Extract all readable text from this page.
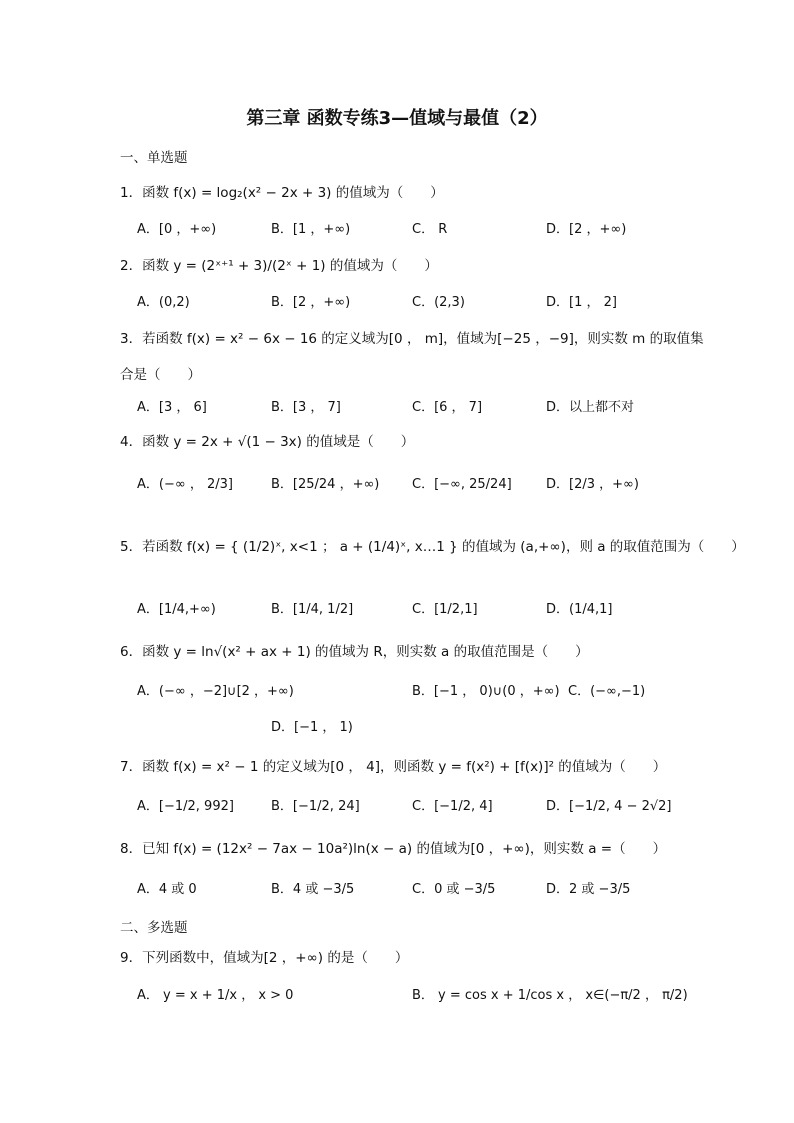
第三章 函数专练3—值域与最值（2）
一、单选题
1．函数 f(x) = log₂(x² − 2x + 3) 的值域为（　　）
A．[0 ，+∞)	B．[1 ，+∞)	C． R	D．[2 ，+∞)
2．函数 y = (2ˣ⁺¹ + 3)/(2ˣ + 1) 的值域为（　　）
A．(0,2)	B．[2 ，+∞)	C．(2,3)	D．[1 ， 2]
3．若函数 f(x) = x² − 6x − 16 的定义域为[0 ， m]，值域为[−25 ，−9]，则实数 m 的取值集
合是（　　）
A．[3 ， 6]	B．[3 ， 7]	C．[6 ， 7]	D．以上都不对
4．函数 y = 2x + √(1 − 3x) 的值域是（　　）
A．(−∞ ， 2/3]	B．[25/24 ，+∞)	C．[−∞, 25/24]	D．[2/3 ，+∞)
5．若函数 f(x) = { (1/2)ˣ, x<1 ； a + (1/4)ˣ, x…1 } 的值域为 (a,+∞)，则 a 的取值范围为（　　）
A．[1/4,+∞)	B．[1/4, 1/2]	C．[1/2,1]	D．(1/4,1]
6．函数 y = ln√(x² + ax + 1) 的值域为 R，则实数 a 的取值范围是（　　）
A．(−∞ ，−2]∪[2 ，+∞)	B．[−1 ， 0)∪(0 ，+∞) C．(−∞,−1)
D．[−1 ， 1)
7．函数 f(x) = x² − 1 的定义域为[0 ， 4]，则函数 y = f(x²) + [f(x)]² 的值域为（　　）
A．[−1/2, 992]	B．[−1/2, 24]	C．[−1/2, 4]	D．[−1/2, 4 − 2√2]
8．已知 f(x) = (12x² − 7ax − 10a²)ln(x − a) 的值域为[0 ，+∞)，则实数 a =（　　）
A．4 或 0	B．4 或 −3/5	C．0 或 −3/5	D．2 或 −3/5
二、多选题
9．下列函数中，值域为[2 ，+∞) 的是（　　）
A． y = x + 1/x ， x > 0	B． y = cos x + 1/cos x ， x∈(−π/2 ， π/2)
